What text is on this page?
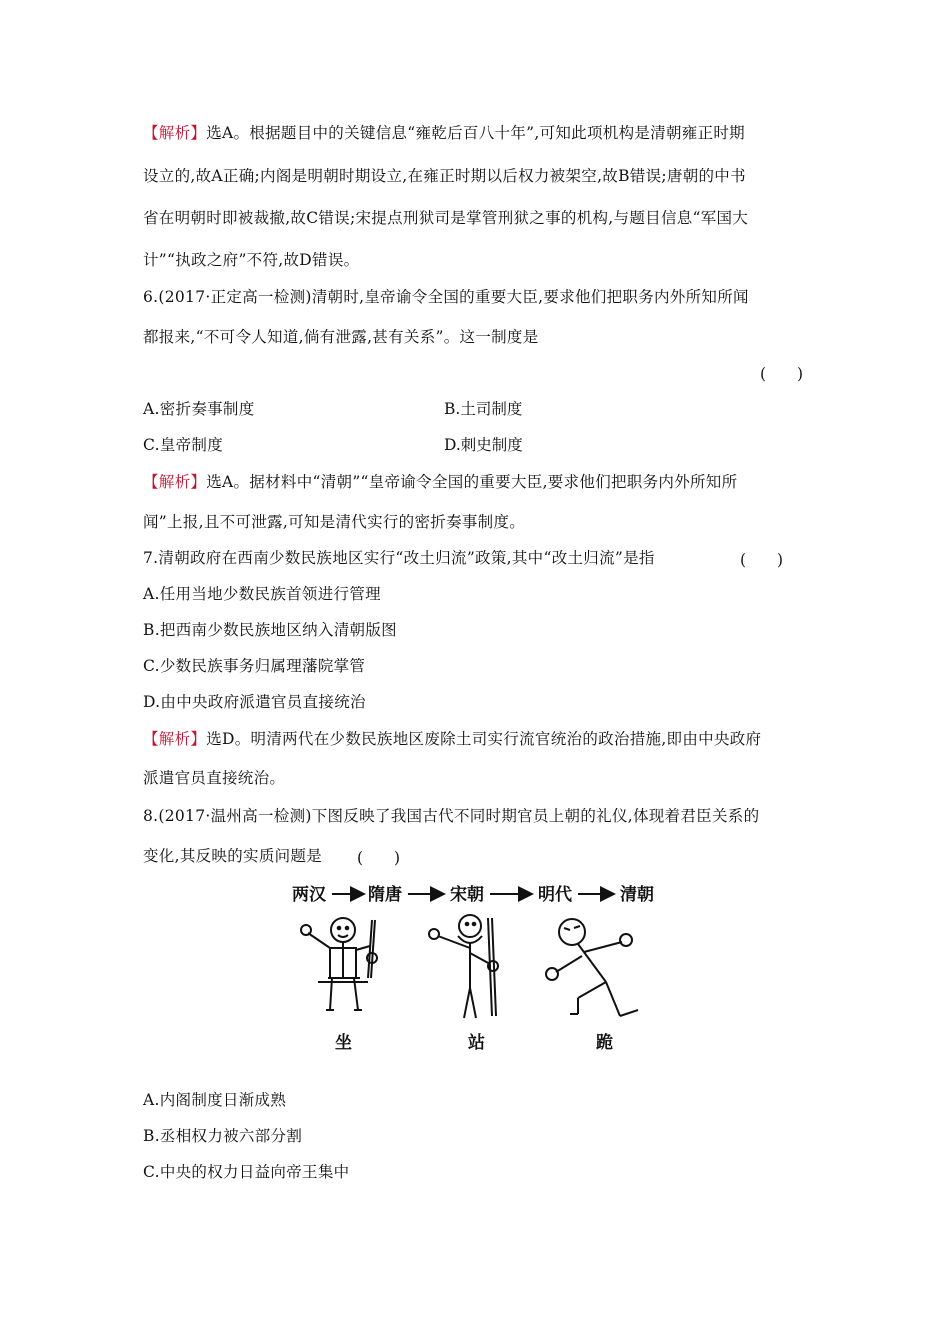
【解析】选A。根据题目中的关键信息“雍乾后百八十年”,可知此项机构是清朝雍正时期
设立的,故A正确;内阁是明朝时期设立,在雍正时期以后权力被架空,故B错误;唐朝的中书
省在明朝时即被裁撤,故C错误;宋提点刑狱司是掌管刑狱之事的机构,与题目信息“军国大
计”“执政之府”不符,故D错误。
6.(2017·正定高一检测)清朝时,皇帝谕令全国的重要大臣,要求他们把职务内外所知所闻
都报来,“不可令人知道,倘有泄露,甚有关系”。这一制度是
(　　)
A.密折奏事制度	B.土司制度
C.皇帝制度	D.刺史制度
【解析】选A。据材料中“清朝”“皇帝谕令全国的重要大臣,要求他们把职务内外所知所
闻”上报,且不可泄露,可知是清代实行的密折奏事制度。
7.清朝政府在西南少数民族地区实行“改土归流”政策,其中“改土归流”是指	(　　)
A.任用当地少数民族首领进行管理
B.把西南少数民族地区纳入清朝版图
C.少数民族事务归属理藩院掌管
D.由中央政府派遣官员直接统治
【解析】选D。明清两代在少数民族地区废除土司实行流官统治的政治措施,即由中央政府
派遣官员直接统治。
8.(2017·温州高一检测)下图反映了我国古代不同时期官员上朝的礼仪,体现着君臣关系的
变化,其反映的实质问题是 (　　)
两汉 隋唐	宋朝	明代	清朝
坐	站	跪
A.内阁制度日渐成熟
B.丞相权力被六部分割
C.中央的权力日益向帝王集中
